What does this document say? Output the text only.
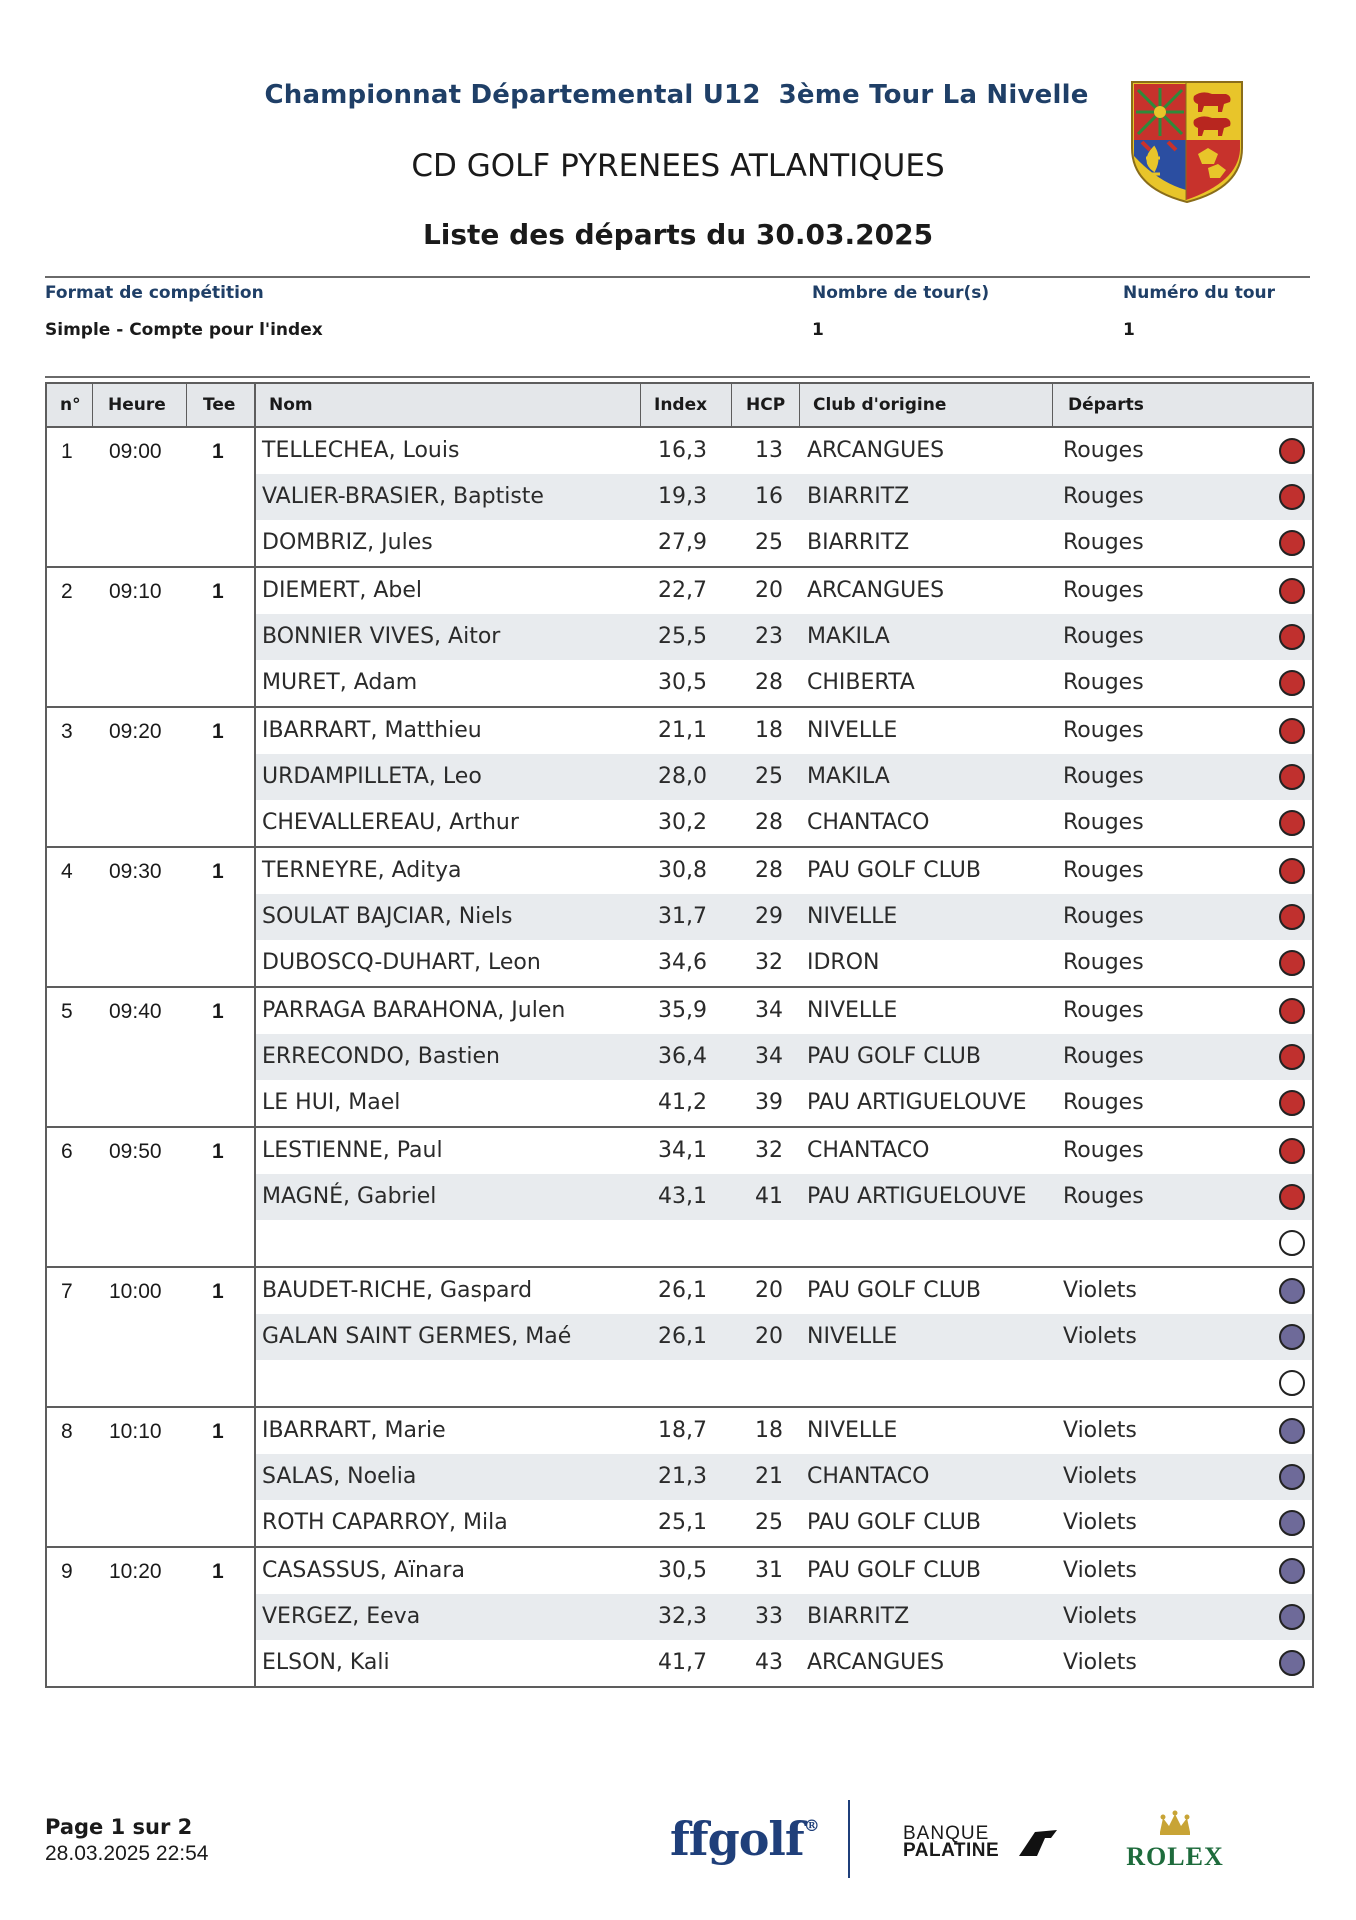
Championnat Départemental U12 3ème Tour La Nivelle
CD GOLF PYRENEES ATLANTIQUES
Liste des départs du 30.03.2025
Format de compétition
Simple - Compte pour l'index
Nombre de tour(s)
1
Numéro du tour
1
n° Heure Tee Nom	Index HCP Club d'origine	Départs
1 09:00 1 TELLECHEA, Louis	16,3	13 ARCANGUES	Rouges
VALIER-BRASIER, Baptiste	19,3	16 BIARRITZ	Rouges
DOMBRIZ, Jules	27,9	25 BIARRITZ	Rouges
2 09:10 1 DIEMERT, Abel	22,7	20 ARCANGUES	Rouges
BONNIER VIVES, Aitor	25,5	23 MAKILA	Rouges
MURET, Adam	30,5	28 CHIBERTA	Rouges
3 09:20 1 IBARRART, Matthieu	21,1	18 NIVELLE	Rouges
URDAMPILLETA, Leo	28,0	25 MAKILA	Rouges
CHEVALLEREAU, Arthur	30,2	28 CHANTACO	Rouges
4 09:30 1 TERNEYRE, Aditya	30,8	28 PAU GOLF CLUB	Rouges
SOULAT BAJCIAR, Niels	31,7	29 NIVELLE	Rouges
DUBOSCQ-DUHART, Leon	34,6	32 IDRON	Rouges
5 09:40 1 PARRAGA BARAHONA, Julen	35,9	34 NIVELLE	Rouges
ERRECONDO, Bastien	36,4	34 PAU GOLF CLUB	Rouges
LE HUI, Mael	41,2	39 PAU ARTIGUELOUVE Rouges
6 09:50 1 LESTIENNE, Paul	34,1	32 CHANTACO	Rouges
MAGNÉ, Gabriel	43,1	41 PAU ARTIGUELOUVE Rouges
7 10:00 1 BAUDET-RICHE, Gaspard	26,1	20 PAU GOLF CLUB	Violets
GALAN SAINT GERMES, Maé	26,1	20 NIVELLE	Violets
8 10:10 1 IBARRART, Marie	18,7	18 NIVELLE	Violets
SALAS, Noelia	21,3	21 CHANTACO	Violets
ROTH CAPARROY, Mila	25,1	25 PAU GOLF CLUB	Violets
9 10:20 1 CASASSUS, Aïnara	30,5	31 PAU GOLF CLUB	Violets
VERGEZ, Eeva	32,3	33 BIARRITZ	Violets
ELSON, Kali	41,7	43 ARCANGUES	Violets
Page 1 sur 2
28.03.2025 22:54	ffgolf®	BANQUE
PALATINE	ROLEX
